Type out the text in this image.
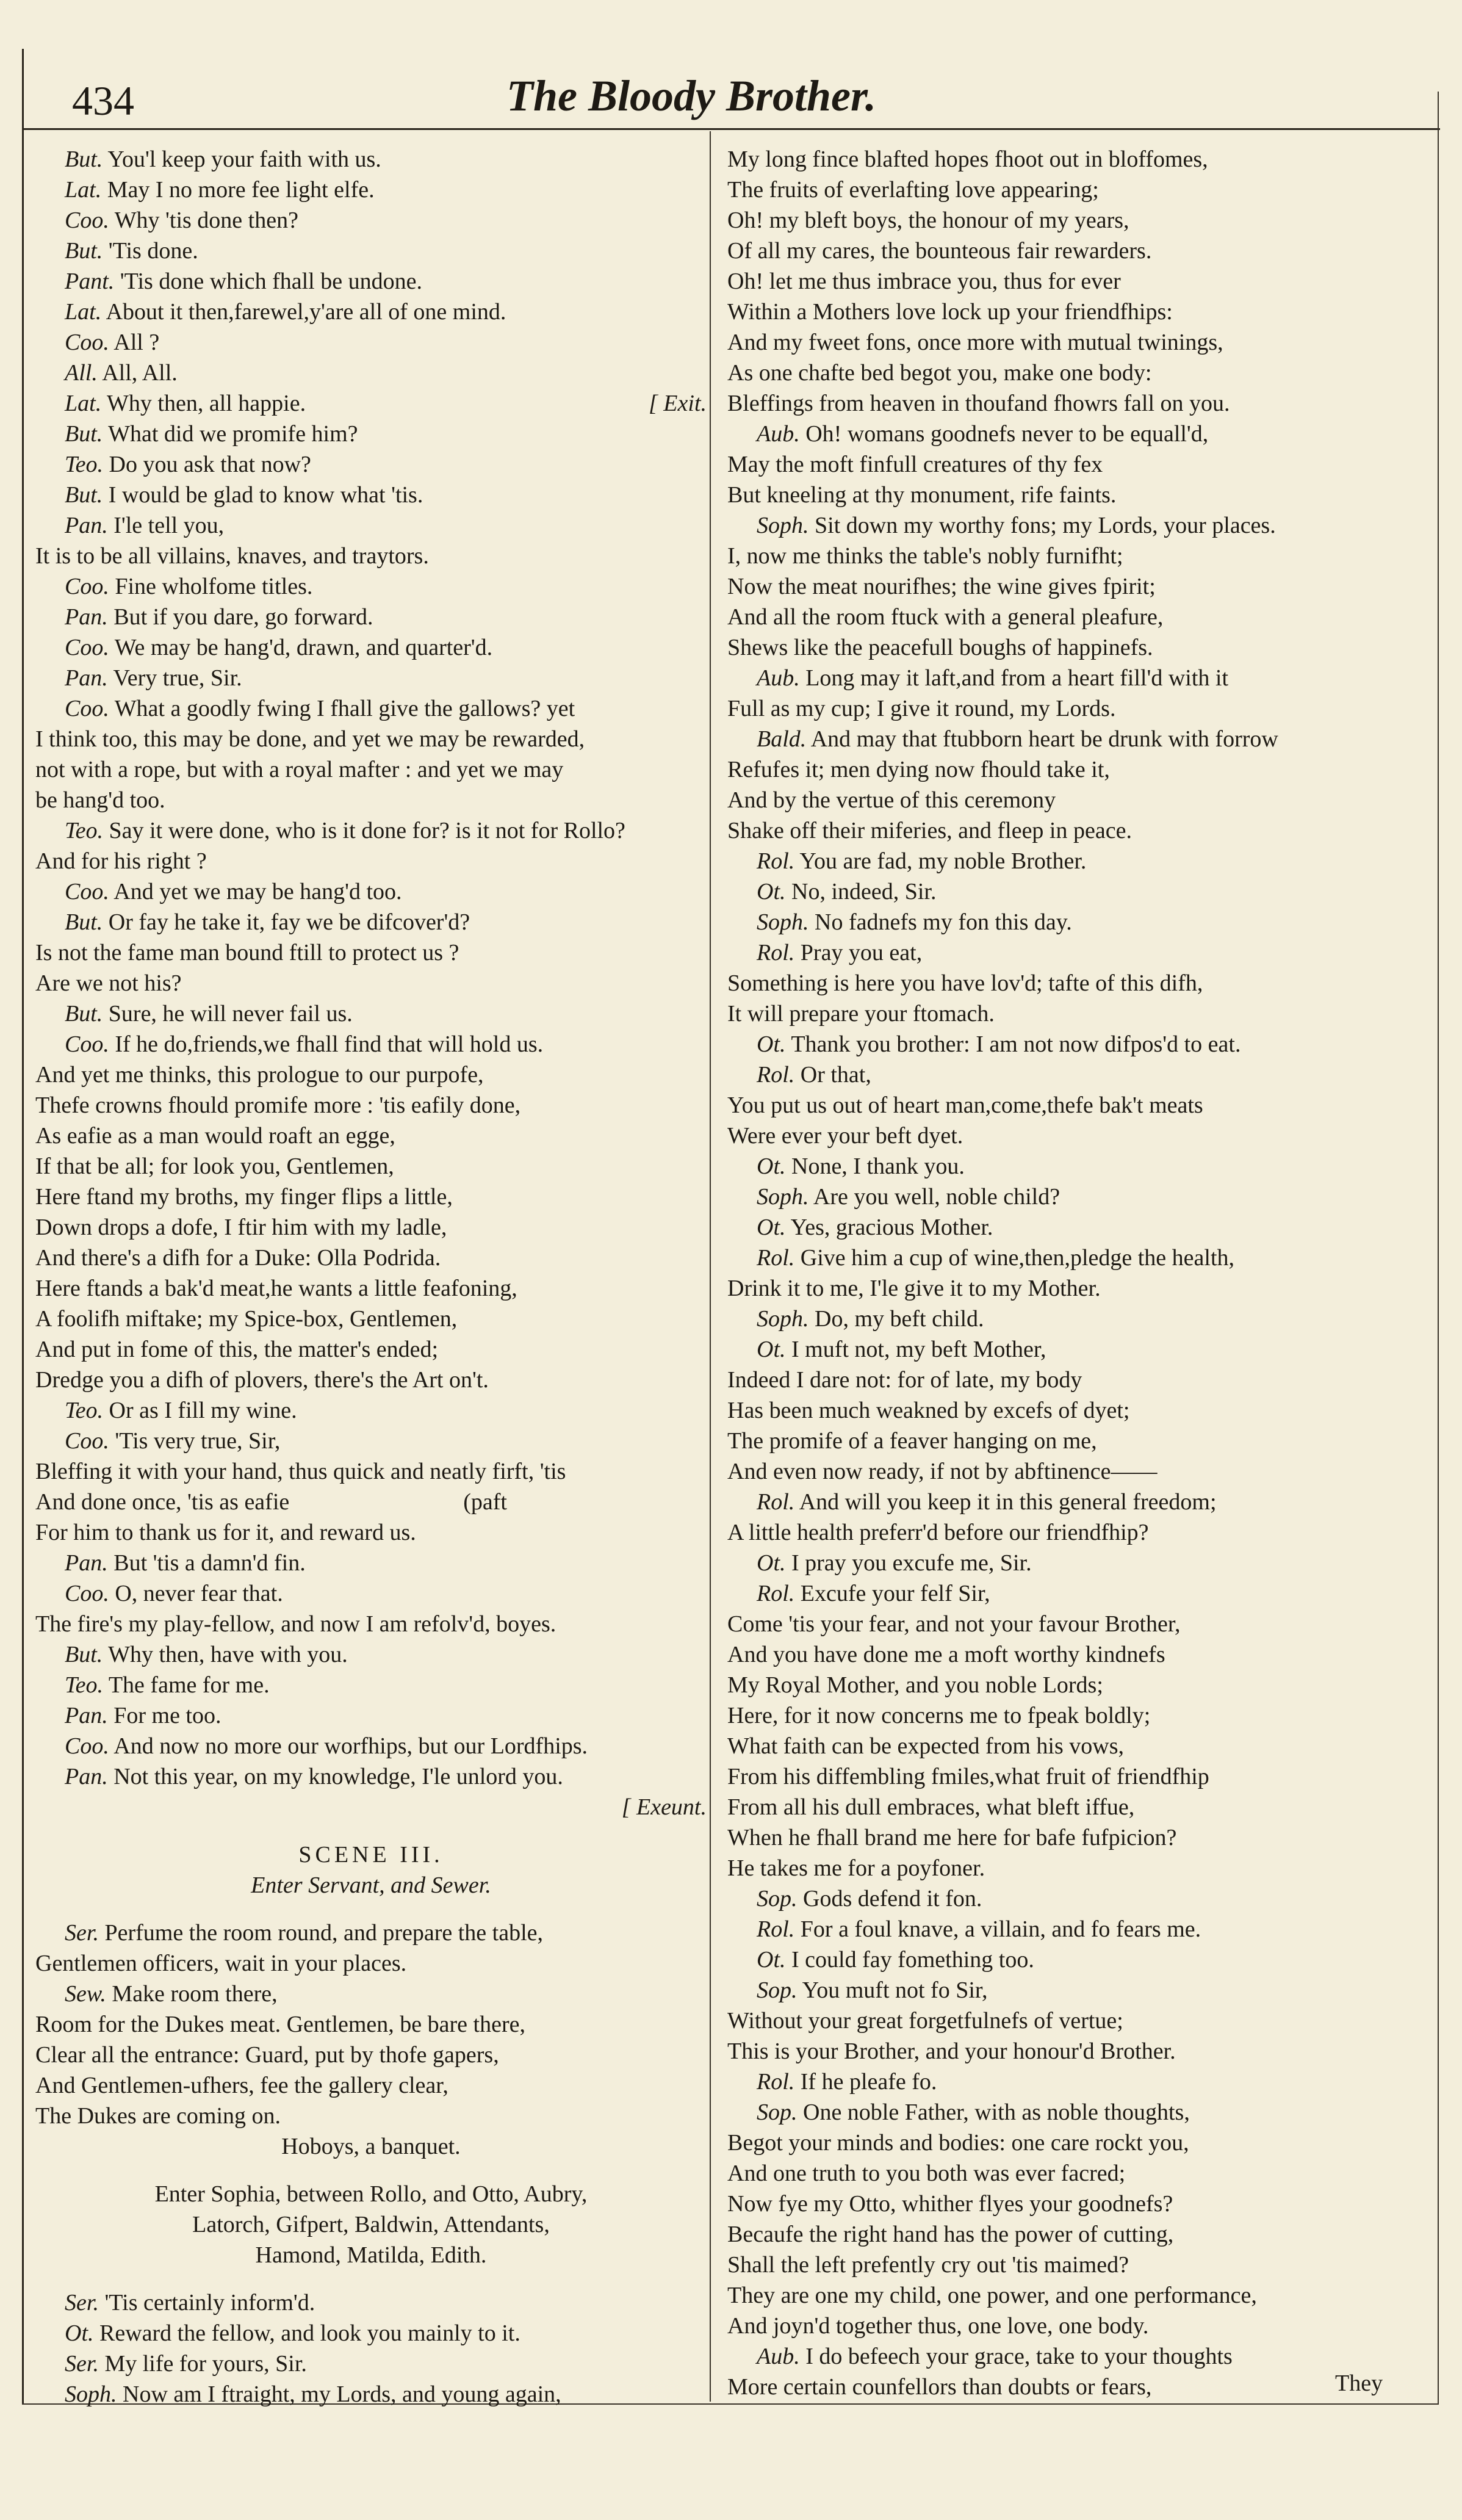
434	The Bloody Brother.
But. You'l keep your faith with us.
Lat. May I no more fee light elfe.
Coo. Why 'tis done then?
But. 'Tis done.
Pant. 'Tis done which fhall be undone.
Lat. About it then,farewel,y'are all of one mind.
Coo. All ?
All. All, All.
Lat. Why then, all happie.	[ Exit.
But. What did we promife him?
Teo. Do you ask that now?
But. I would be glad to know what 'tis.
Pan. I'le tell you,
It is to be all villains, knaves, and traytors.
Coo. Fine wholfome titles.
Pan. But if you dare, go forward.
Coo. We may be hang'd, drawn, and quarter'd.
Pan. Very true, Sir.
Coo. What a goodly fwing I fhall give the gallows? yet
I think too, this may be done, and yet we may be rewarded,
not with a rope, but with a royal mafter : and yet we may
be hang'd too.
Teo. Say it were done, who is it done for? is it not for Rollo?
And for his right ?
Coo. And yet we may be hang'd too.
But. Or fay he take it, fay we be difcover'd?
Is not the fame man bound ftill to protect us ?
Are we not his?
But. Sure, he will never fail us.
Coo. If he do,friends,we fhall find that will hold us.
And yet me thinks, this prologue to our purpofe,
Thefe crowns fhould promife more : 'tis eafily done,
As eafie as a man would roaft an egge,
If that be all; for look you, Gentlemen,
Here ftand my broths, my finger flips a little,
Down drops a dofe, I ftir him with my ladle,
And there's a difh for a Duke: Olla Podrida.
Here ftands a bak'd meat,he wants a little feafoning,
A foolifh miftake; my Spice-box, Gentlemen,
And put in fome of this, the matter's ended;
Dredge you a difh of plovers, there's the Art on't.
Teo. Or as I fill my wine.
Coo. 'Tis very true, Sir,
Bleffing it with your hand, thus quick and neatly firft, 'tis
And done once, 'tis as eafie                              (paft
For him to thank us for it, and reward us.
Pan. But 'tis a damn'd fin.
Coo. O, never fear that.
The fire's my play-fellow, and now I am refolv'd, boyes.
But. Why then, have with you.
Teo. The fame for me.
Pan. For me too.
Coo. And now no more our worfhips, but our Lordfhips.
Pan. Not this year, on my knowledge, I'le unlord you.
[ Exeunt.
SCENE III.
Enter Servant, and Sewer.
Ser. Perfume the room round, and prepare the table,
Gentlemen officers, wait in your places.
Sew. Make room there,
Room for the Dukes meat. Gentlemen, be bare there,
Clear all the entrance: Guard, put by thofe gapers,
And Gentlemen-ufhers, fee the gallery clear,
The Dukes are coming on.
Hoboys, a banquet.
Enter Sophia, between Rollo, and Otto, Aubry,
Latorch, Gifpert, Baldwin, Attendants,
Hamond, Matilda, Edith.
Ser. 'Tis certainly inform'd.
Ot. Reward the fellow, and look you mainly to it.
Ser. My life for yours, Sir.
Soph. Now am I ftraight, my Lords, and young again,
My long fince blafted hopes fhoot out in bloffomes,
The fruits of everlafting love appearing;
Oh! my bleft boys, the honour of my years,
Of all my cares, the bounteous fair rewarders.
Oh! let me thus imbrace you, thus for ever
Within a Mothers love lock up your friendfhips:
And my fweet fons, once more with mutual twinings,
As one chafte bed begot you, make one body:
Bleffings from heaven in thoufand fhowrs fall on you.
Aub. Oh! womans goodnefs never to be equall'd,
May the moft finfull creatures of thy fex
But kneeling at thy monument, rife faints.
Soph. Sit down my worthy fons; my Lords, your places.
I, now me thinks the table's nobly furnifht;
Now the meat nourifhes; the wine gives fpirit;
And all the room ftuck with a general pleafure,
Shews like the peacefull boughs of happinefs.
Aub. Long may it laft,and from a heart fill'd with it
Full as my cup; I give it round, my Lords.
Bald. And may that ftubborn heart be drunk with forrow
Refufes it; men dying now fhould take it,
And by the vertue of this ceremony
Shake off their miferies, and fleep in peace.
Rol. You are fad, my noble Brother.
Ot. No, indeed, Sir.
Soph. No fadnefs my fon this day.
Rol. Pray you eat,
Something is here you have lov'd; tafte of this difh,
It will prepare your ftomach.
Ot. Thank you brother: I am not now difpos'd to eat.
Rol. Or that,
You put us out of heart man,come,thefe bak't meats
Were ever your beft dyet.
Ot. None, I thank you.
Soph. Are you well, noble child?
Ot. Yes, gracious Mother.
Rol. Give him a cup of wine,then,pledge the health,
Drink it to me, I'le give it to my Mother.
Soph. Do, my beft child.
Ot. I muft not, my beft Mother,
Indeed I dare not: for of late, my body
Has been much weakned by excefs of dyet;
The promife of a feaver hanging on me,
And even now ready, if not by abftinence——
Rol. And will you keep it in this general freedom;
A little health preferr'd before our friendfhip?
Ot. I pray you excufe me, Sir.
Rol. Excufe your felf Sir,
Come 'tis your fear, and not your favour Brother,
And you have done me a moft worthy kindnefs
My Royal Mother, and you noble Lords;
Here, for it now concerns me to fpeak boldly;
What faith can be expected from his vows,
From his diffembling fmiles,what fruit of friendfhip
From all his dull embraces, what bleft iffue,
When he fhall brand me here for bafe fufpicion?
He takes me for a poyfoner.
Sop. Gods defend it fon.
Rol. For a foul knave, a villain, and fo fears me.
Ot. I could fay fomething too.
Sop. You muft not fo Sir,
Without your great forgetfulnefs of vertue;
This is your Brother, and your honour'd Brother.
Rol. If he pleafe fo.
Sop. One noble Father, with as noble thoughts,
Begot your minds and bodies: one care rockt you,
And one truth to you both was ever facred;
Now fye my Otto, whither flyes your goodnefs?
Becaufe the right hand has the power of cutting,
Shall the left prefently cry out 'tis maimed?
They are one my child, one power, and one performance,
And joyn'd together thus, one love, one body.
Aub. I do befeech your grace, take to your thoughts
More certain counfellors than doubts or fears,	They
